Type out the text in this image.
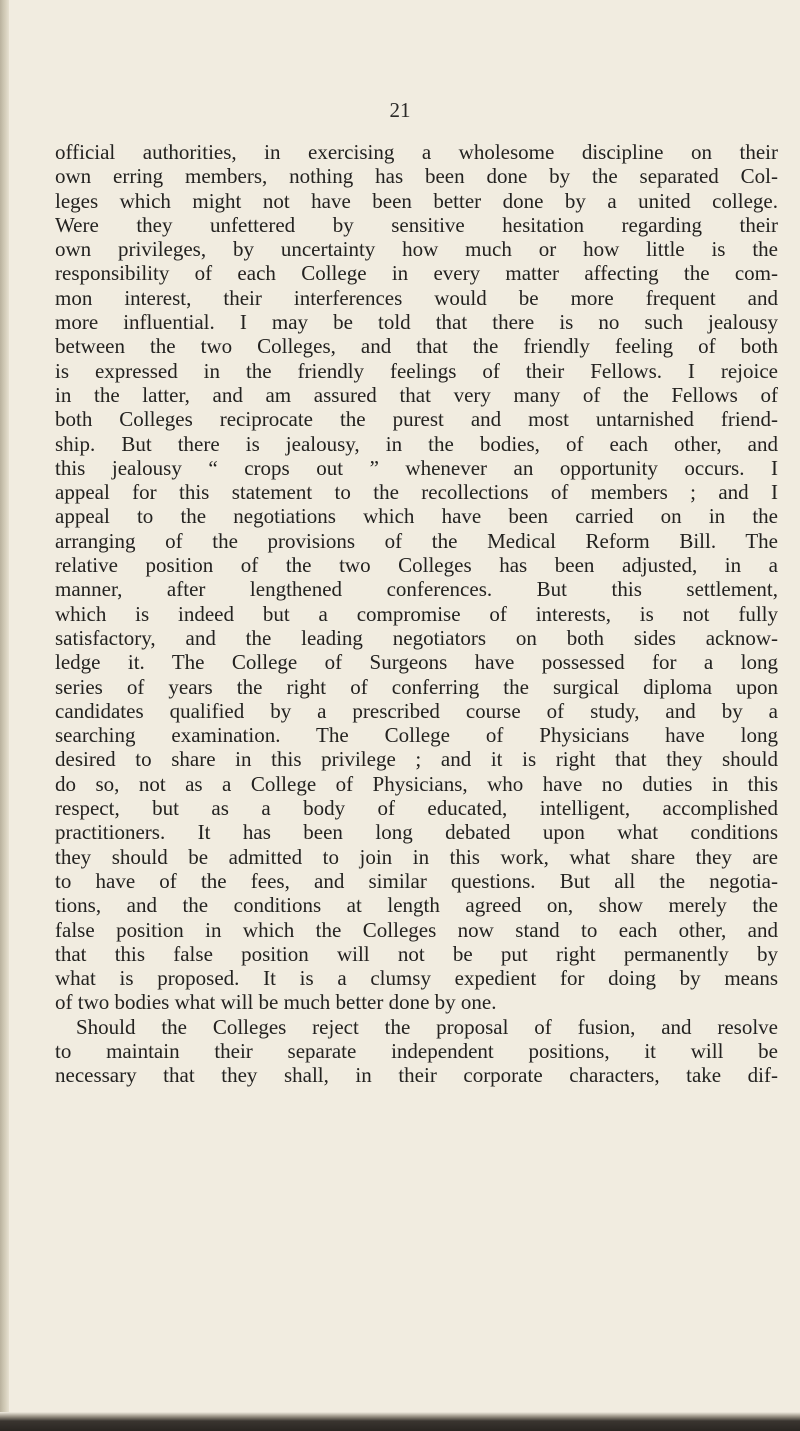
21
official authorities, in exercising a wholesome discipline on their
own erring members, nothing has been done by the separated Col-
leges which might not have been better done by a united college.
Were they unfettered by sensitive hesitation regarding their
own privileges, by uncertainty how much or how little is the
responsibility of each College in every matter affecting the com-
mon interest, their interferences would be more frequent and
more influential. I may be told that there is no such jealousy
between the two Colleges, and that the friendly feeling of both
is expressed in the friendly feelings of their Fellows. I rejoice
in the latter, and am assured that very many of the Fellows of
both Colleges reciprocate the purest and most untarnished friend-
ship. But there is jealousy, in the bodies, of each other, and
this jealousy “ crops out ” whenever an opportunity occurs. I
appeal for this statement to the recollections of members ; and I
appeal to the negotiations which have been carried on in the
arranging of the provisions of the Medical Reform Bill. The
relative position of the two Colleges has been adjusted, in a
manner, after lengthened conferences. But this settlement,
which is indeed but a compromise of interests, is not fully
satisfactory, and the leading negotiators on both sides acknow-
ledge it. The College of Surgeons have possessed for a long
series of years the right of conferring the surgical diploma upon
candidates qualified by a prescribed course of study, and by a
searching examination. The College of Physicians have long
desired to share in this privilege ; and it is right that they should
do so, not as a College of Physicians, who have no duties in this
respect, but as a body of educated, intelligent, accomplished
practitioners. It has been long debated upon what conditions
they should be admitted to join in this work, what share they are
to have of the fees, and similar questions. But all the negotia-
tions, and the conditions at length agreed on, show merely the
false position in which the Colleges now stand to each other, and
that this false position will not be put right permanently by
what is proposed. It is a clumsy expedient for doing by means
of two bodies what will be much better done by one.
Should the Colleges reject the proposal of fusion, and resolve
to maintain their separate independent positions, it will be
necessary that they shall, in their corporate characters, take dif-
